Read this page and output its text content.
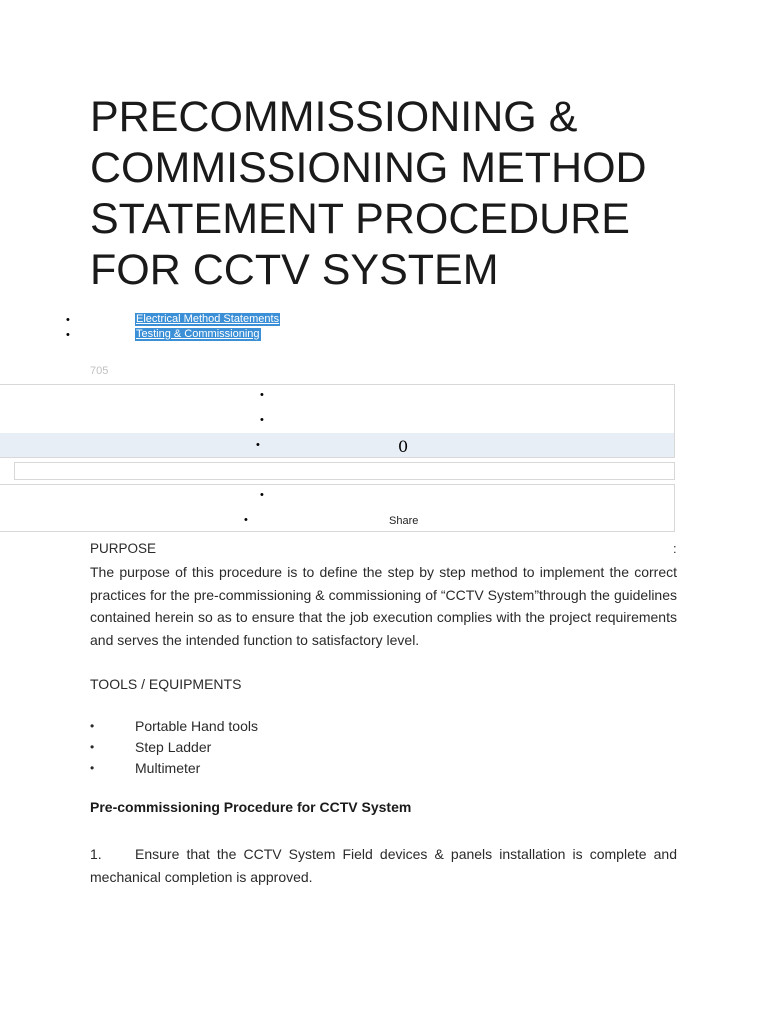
PRECOMMISSIONING & COMMISSIONING METHOD STATEMENT PROCEDURE FOR CCTV SYSTEM
•	Electrical Method Statements
•	Testing & Commissioning
705
•
•
•	0
•
•	Share
PURPOSE	:
The purpose of this procedure is to define the step by step method to implement the correct practices for the pre-commissioning & commissioning of “CCTV System”through the guidelines contained herein so as to ensure that the job execution complies with the project requirements and serves the intended function to satisfactory level.
TOOLS / EQUIPMENTS
•	Portable Hand tools
•	Step Ladder
•	Multimeter
Pre-commissioning Procedure for CCTV System
1.	Ensure that the CCTV System Field devices & panels installation is complete and mechanical completion is approved.
